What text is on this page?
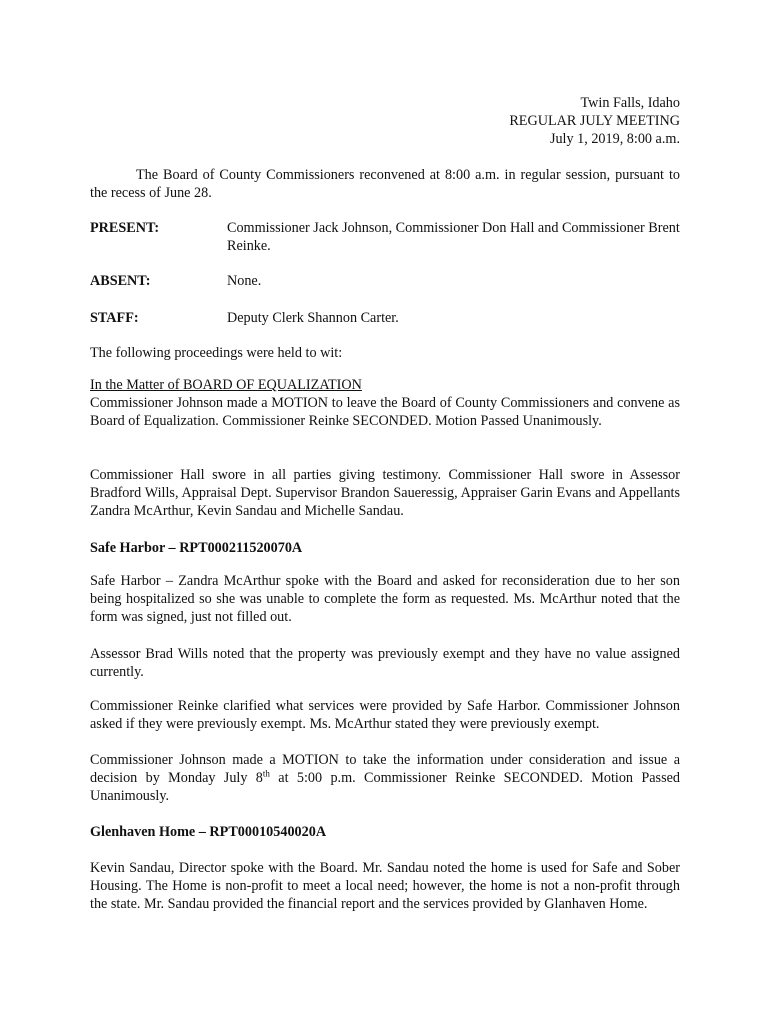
Twin Falls, Idaho
REGULAR JULY MEETING
July 1, 2019, 8:00 a.m.
The Board of County Commissioners reconvened at 8:00 a.m. in regular session, pursuant to the recess of June 28.
PRESENT:	Commissioner Jack Johnson, Commissioner Don Hall and Commissioner Brent Reinke.
ABSENT:	None.
STAFF:	Deputy Clerk Shannon Carter.
The following proceedings were held to wit:
In the Matter of BOARD OF EQUALIZATION
Commissioner Johnson made a MOTION to leave the Board of County Commissioners and convene as Board of Equalization. Commissioner Reinke SECONDED. Motion Passed Unanimously.
Commissioner Hall swore in all parties giving testimony. Commissioner Hall swore in Assessor Bradford Wills, Appraisal Dept. Supervisor Brandon Saueressig, Appraiser Garin Evans and Appellants Zandra McArthur, Kevin Sandau and Michelle Sandau.
Safe Harbor – RPT000211520070A
Safe Harbor – Zandra McArthur spoke with the Board and asked for reconsideration due to her son being hospitalized so she was unable to complete the form as requested. Ms. McArthur noted that the form was signed, just not filled out.
Assessor Brad Wills noted that the property was previously exempt and they have no value assigned currently.
Commissioner Reinke clarified what services were provided by Safe Harbor. Commissioner Johnson asked if they were previously exempt. Ms. McArthur stated they were previously exempt.
Commissioner Johnson made a MOTION to take the information under consideration and issue a decision by Monday July 8th at 5:00 p.m. Commissioner Reinke SECONDED. Motion Passed Unanimously.
Glenhaven Home – RPT00010540020A
Kevin Sandau, Director spoke with the Board. Mr. Sandau noted the home is used for Safe and Sober Housing. The Home is non-profit to meet a local need; however, the home is not a non-profit through the state. Mr. Sandau provided the financial report and the services provided by Glanhaven Home.
